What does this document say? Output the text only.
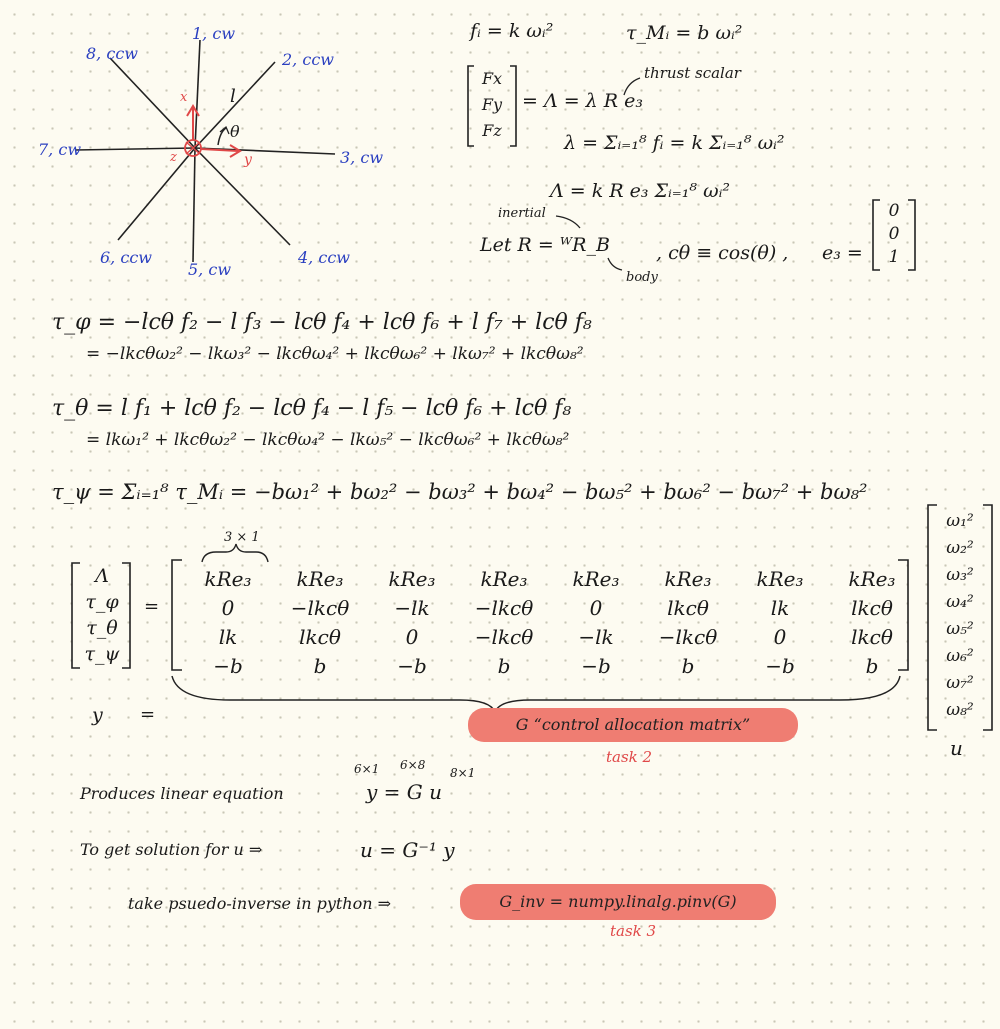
1, cw
2, ccw
3, cw
4, ccw
5, cw
6, ccw
7, cw
8, ccw
l
θ
x
y
z
fᵢ = k ωᵢ²	τ_Mᵢ = b ωᵢ²
Fx
Fy
Fz
= Λ = λ R e₃
thrust scalar
λ = Σᵢ₌₁⁸ fᵢ = k Σᵢ₌₁⁸ ωᵢ²
Λ = k R e₃ Σᵢ₌₁⁸ ωᵢ²
inertial
Let R = ᵂR_B
body
, cθ ≡ cos(θ) , e₃ =
0
0
1
τ_φ = −lcθ f₂ − l f₃ − lcθ f₄ + lcθ f₆ + l f₇ + lcθ f₈
= −lkcθω₂² − lkω₃² − lkcθω₄² + lkcθω₆² + lkω₇² + lkcθω₈²
τ_θ = l f₁ + lcθ f₂ − lcθ f₄ − l f₅ − lcθ f₆ + lcθ f₈
= lkω₁² + lkcθω₂² − lkcθω₄² − lkω₅² − lkcθω₆² + lkcθω₈²
τ_ψ = Σᵢ₌₁⁸ τ_Mᵢ = −bω₁² + bω₂² − bω₃² + bω₄² − bω₅² + bω₆² − bω₇² + bω₈²
3 × 1
Λ
τ_φ
τ_θ
τ_ψ
=
kRe₃ kRe₃ kRe₃ kRe₃ kRe₃ kRe₃ kRe₃ kRe₃
0	−lkcθ −lk −lkcθ	0	lkcθ	lk	lkcθ
lk	lkcθ	0	−lkcθ −lk −lkcθ	0	lkcθ
−b	b	−b	b	−b	b	−b	b
ω₁²
ω₂²
ω₃²
ω₄²
ω₅²
ω₆²
ω₇²
ω₈²
u
y =	G “control allocation matrix”
task 2
6×1 6×8
8×1
Produces linear equation	y = G u
To get solution for u ⇒	u = G⁻¹ y
take psuedo-inverse in python ⇒	G_inv = numpy.linalg.pinv(G)
task 3
